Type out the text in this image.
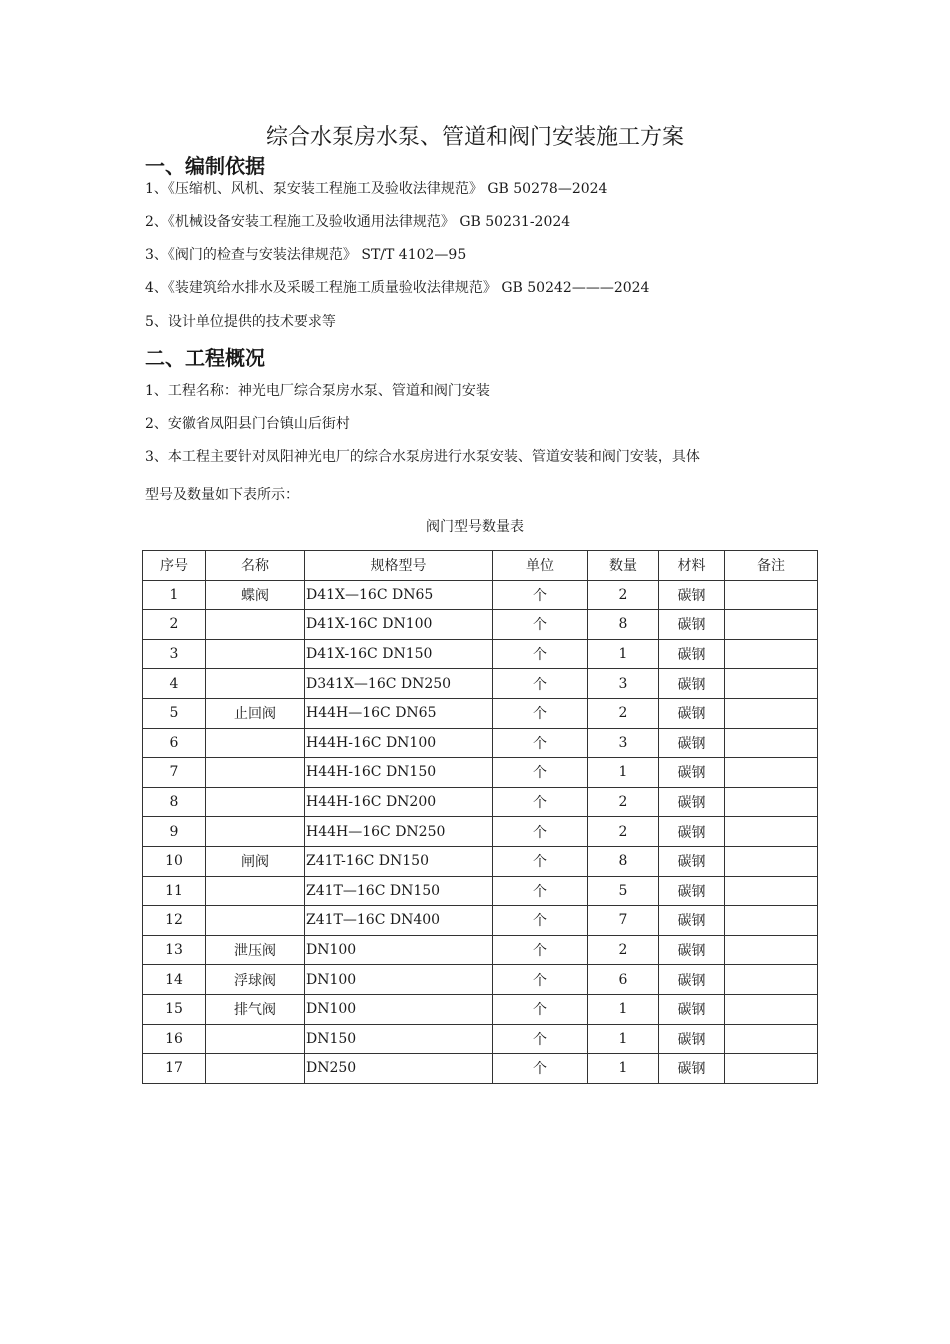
综合水泵房水泵、管道和阀门安装施工方案
一、编制依据
1、《压缩机、风机、泵安装工程施工及验收法律规范》 GB 50278—2024
2、《机械设备安装工程施工及验收通用法律规范》 GB 50231-2024
3、《阀门的检查与安装法律规范》 ST/T 4102—95
4、《装建筑给水排水及采暖工程施工质量验收法律规范》 GB 50242———2024
5、设计单位提供的技术要求等
二、工程概况
1、工程名称：神光电厂综合泵房水泵、管道和阀门安装
2、安徽省凤阳县门台镇山后街村
3、本工程主要针对凤阳神光电厂的综合水泵房进行水泵安装、管道安装和阀门安装，具体
型号及数量如下表所示：
阀门型号数量表
序号	名称	规格型号	单位	数量	材料	备注
1	蝶阀	D41X—16C DN65	个	2	碳钢	
2		D41X-16C DN100	个	8	碳钢	
3		D41X-16C DN150	个	1	碳钢	
4		D341X—16C DN250	个	3	碳钢	
5	止回阀	H44H—16C DN65	个	2	碳钢	
6		H44H-16C DN100	个	3	碳钢	
7		H44H-16C DN150	个	1	碳钢	
8		H44H-16C DN200	个	2	碳钢	
9		H44H—16C DN250	个	2	碳钢	
10	闸阀	Z41T-16C DN150	个	8	碳钢	
11		Z41T—16C DN150	个	5	碳钢	
12		Z41T—16C DN400	个	7	碳钢	
13	泄压阀	DN100	个	2	碳钢	
14	浮球阀	DN100	个	6	碳钢	
15	排气阀	DN100	个	1	碳钢	
16		DN150	个	1	碳钢	
17		DN250	个	1	碳钢	
